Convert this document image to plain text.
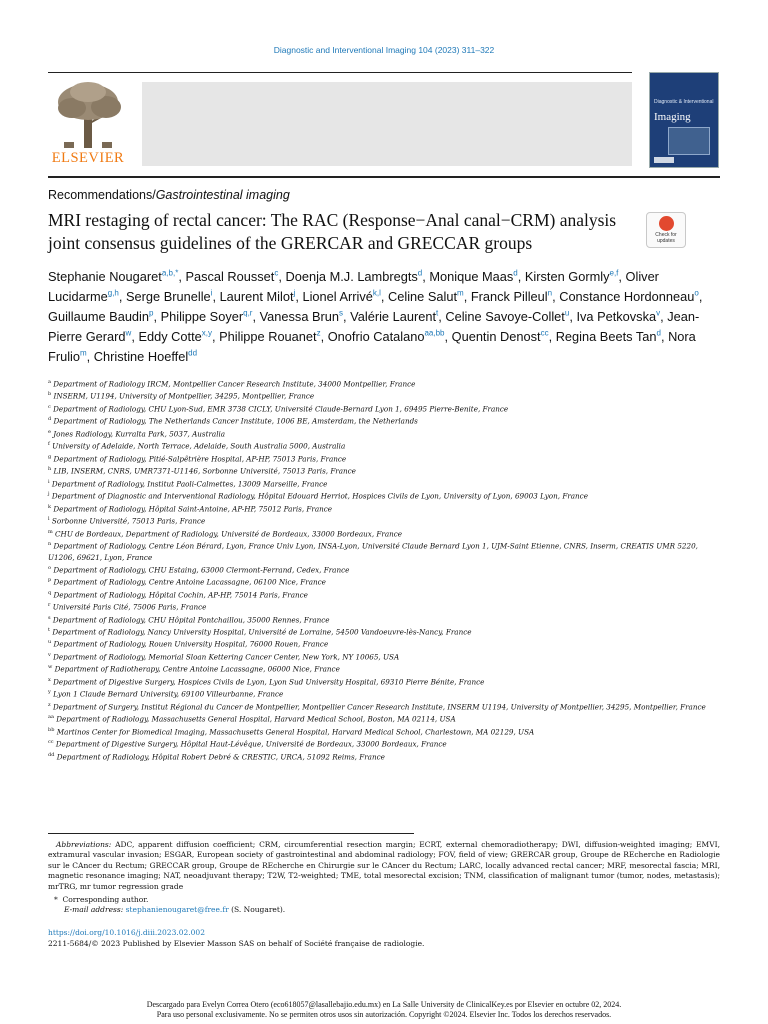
Diagnostic and Interventional Imaging 104 (2023) 311–322
ELSEVIER
Diagnostic & Interventional
Imaging
Recommendations/Gastrointestinal imaging
MRI restaging of rectal cancer: The RAC (Response−Anal canal−CRM) analysis joint consensus guidelines of the GRERCAR and GRECCAR groups	Check for
updates
Stephanie Nougaret$^{a,b,*}$, Pascal Rousset$^c$, Doenja M.J. Lambregts$^d$, Monique Maas$^d$, Kirsten Gormly$^{e,f}$, Oliver Lucidarme$^{g,h}$, Serge Brunelle$^i$, Laurent Milot$^j$, Lionel Arrivé$^{k,l}$, Celine Salut$^m$, Franck Pilleul$^n$, Constance Hordonneau$^o$, Guillaume Baudin$^p$, Philippe Soyer$^{q,r}$, Vanessa Brun$^s$, Valérie Laurent$^t$, Celine Savoye-Collet$^u$, Iva Petkovska$^v$, Jean-Pierre Gerard$^w$, Eddy Cotte$^{x,y}$, Philippe Rouanet$^z$, Onofrio Catalano$^{aa,bb}$, Quentin Denost$^{cc}$, Regina Beets Tan$^d$, Nora Frulio$^m$, Christine Hoeffel$^{dd}$
$^a$ Department of Radiology IRCM, Montpellier Cancer Research Institute, 34000 Montpellier, France
$^b$ INSERM, U1194, University of Montpellier, 34295, Montpellier, France
$^c$ Department of Radiology, CHU Lyon-Sud, EMR 3738 CICLY, Université Claude-Bernard Lyon 1, 69495 Pierre-Benite, France
$^d$ Department of Radiology, The Netherlands Cancer Institute, 1006 BE, Amsterdam, the Netherlands
$^e$ Jones Radiology, Kurralta Park, 5037, Australia
$^f$ University of Adelaide, North Terrace, Adelaide, South Australia 5000, Australia
$^g$ Department of Radiology, Pitié-Salpêtrière Hospital, AP-HP, 75013 Paris, France
$^h$ LIB, INSERM, CNRS, UMR7371-U1146, Sorbonne Université, 75013 Paris, France
$^i$ Department of Radiology, Institut Paoli-Calmettes, 13009 Marseille, France
$^j$ Department of Diagnostic and Interventional Radiology, Hôpital Edouard Herriot, Hospices Civils de Lyon, University of Lyon, 69003 Lyon, France
$^k$ Department of Radiology, Hôpital Saint-Antoine, AP-HP, 75012 Paris, France
$^l$ Sorbonne Université, 75013 Paris, France
$^m$ CHU de Bordeaux, Department of Radiology, Université de Bordeaux, 33000 Bordeaux, France
$^n$ Department of Radiology, Centre Léon Bérard, Lyon, France Univ Lyon, INSA-Lyon, Université Claude Bernard Lyon 1, UJM-Saint Etienne, CNRS, Inserm, CREATIS UMR 5220, U1206, 69621, Lyon, France
$^o$ Department of Radiology, CHU Estaing, 63000 Clermont-Ferrand, Cedex, France
$^p$ Department of Radiology, Centre Antoine Lacassagne, 06100 Nice, France
$^q$ Department of Radiology, Hôpital Cochin, AP-HP, 75014 Paris, France
$^r$ Université Paris Cité, 75006 Paris, France
$^s$ Department of Radiology, CHU Hôpital Pontchaillou, 35000 Rennes, France
$^t$ Department of Radiology, Nancy University Hospital, Université de Lorraine, 54500 Vandoeuvre-lès-Nancy, France
$^u$ Department of Radiology, Rouen University Hospital, 76000 Rouen, France
$^v$ Department of Radiology, Memorial Sloan Kettering Cancer Center, New York, NY 10065, USA
$^w$ Department of Radiotherapy, Centre Antoine Lacassagne, 06000 Nice, France
$^x$ Department of Digestive Surgery, Hospices Civils de Lyon, Lyon Sud University Hospital, 69310 Pierre Bénite, France
$^y$ Lyon 1 Claude Bernard University, 69100 Villeurbanne, France
$^z$ Department of Surgery, Institut Régional du Cancer de Montpellier, Montpellier Cancer Research Institute, INSERM U1194, University of Montpellier, 34295, Montpellier, France
$^{aa}$ Department of Radiology, Massachusetts General Hospital, Harvard Medical School, Boston, MA 02114, USA
$^{bb}$ Martinos Center for Biomedical Imaging, Massachusetts General Hospital, Harvard Medical School, Charlestown, MA 02129, USA
$^{cc}$ Department of Digestive Surgery, Hôpital Haut-Lévêque, Université de Bordeaux, 33000 Bordeaux, France
$^{dd}$ Department of Radiology, Hôpital Robert Debré & CRESTIC, URCA, 51092 Reims, France
Abbreviations: ADC, apparent diffusion coefficient; CRM, circumferential resection margin; ECRT, external chemoradiotherapy; DWI, diffusion-weighted imaging; EMVI, extramural vascular invasion; ESGAR, European society of gastrointestinal and abdominal radiology; FOV, field of view; GRERCAR group, Groupe de REcherche en Radiologie sur le CAncer du Rectum; GRECCAR group, Groupe de REcherche en Chirurgie sur le CAncer du Rectum; LARC, locally advanced rectal cancer; MRF, mesorectal fascia; MRI, magnetic resonance imaging; NAT, neoadjuvant therapy; T2W, T2-weighted; TME, total mesorectal excision; TNM, classification of malignant tumor (tumor, nodes, metastasis); mrTRG, mr tumor regression grade
* Corresponding author.
E-mail address: stephanienougaret@free.fr (S. Nougaret).
https://doi.org/10.1016/j.diii.2023.02.002
2211-5684/© 2023 Published by Elsevier Masson SAS on behalf of Société française de radiologie.
Descargado para Evelyn Correa Otero (eco618057@lasallebajio.edu.mx) en La Salle University de ClinicalKey.es por Elsevier en octubre 02, 2024.
Para uso personal exclusivamente. No se permiten otros usos sin autorización. Copyright ©2024. Elsevier Inc. Todos los derechos reservados.
